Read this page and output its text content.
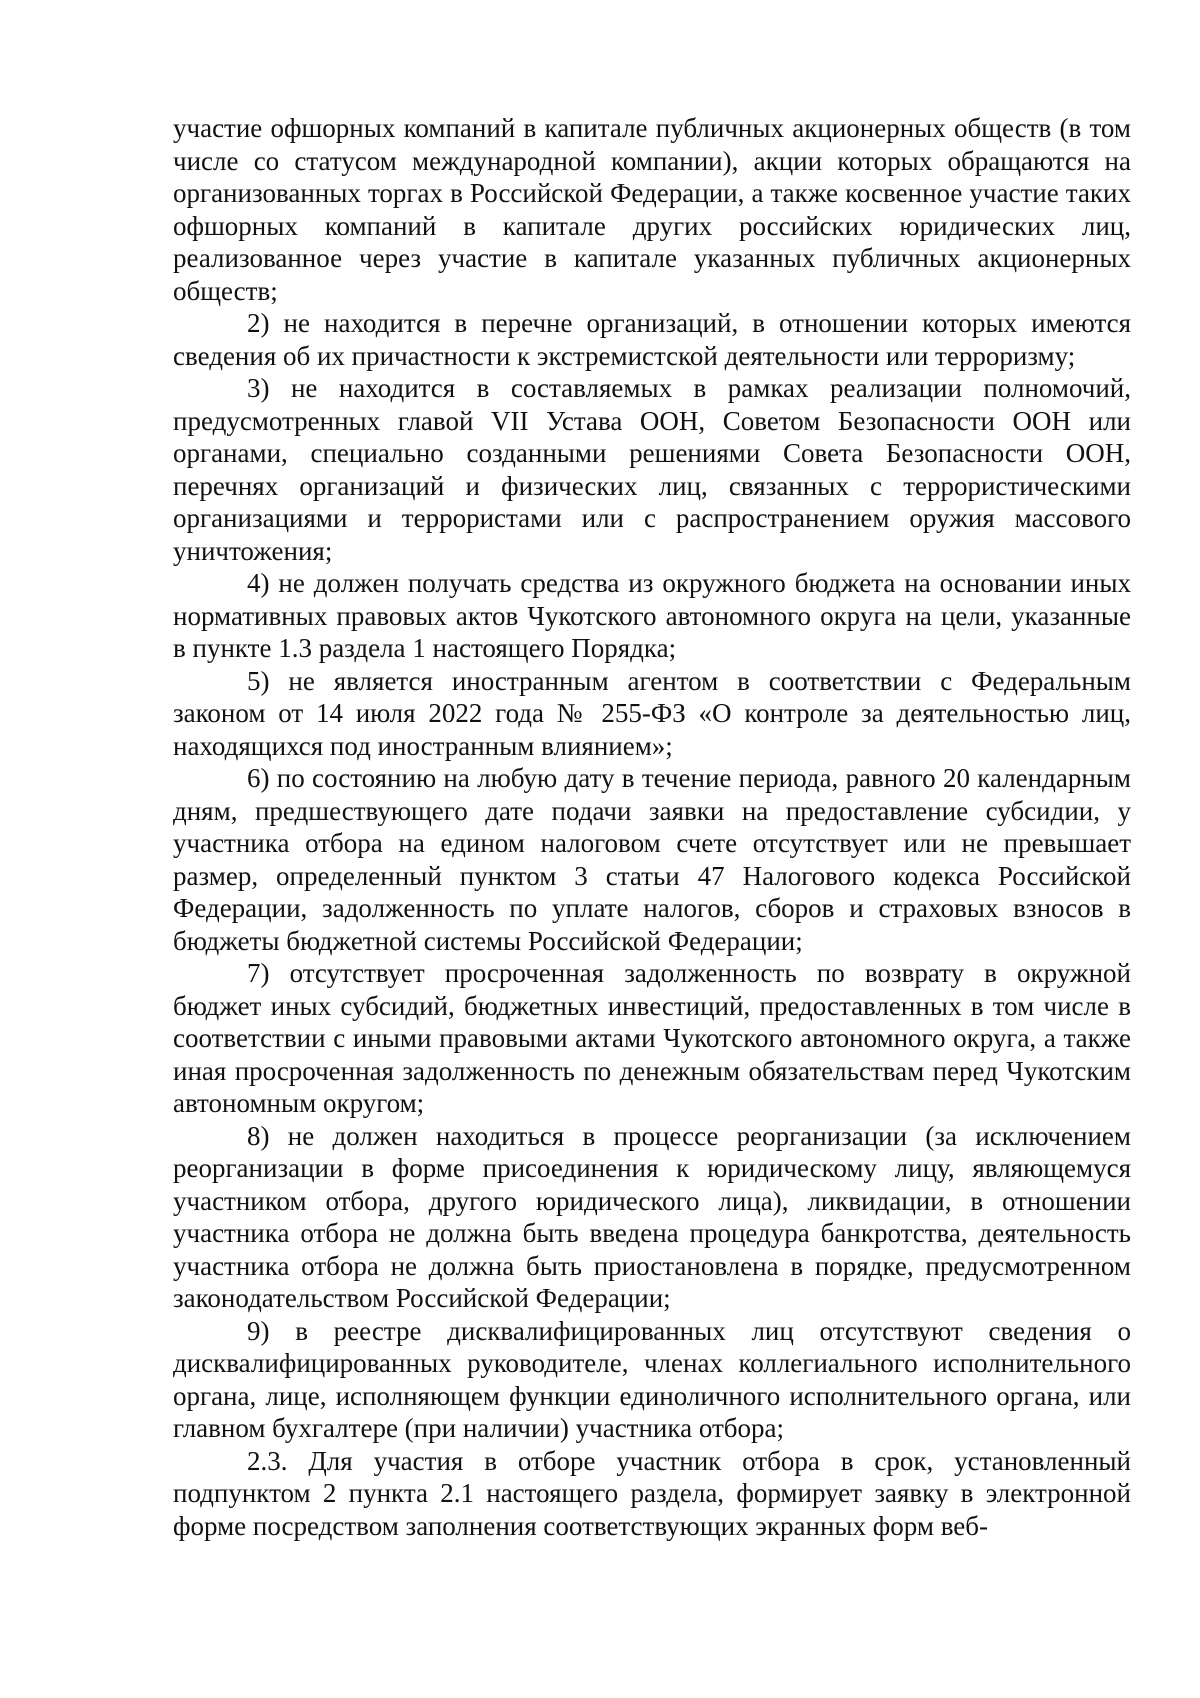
участие офшорных компаний в капитале публичных акционерных обществ (в том числе со статусом международной компании), акции которых обращаются на организованных торгах в Российской Федерации, а также косвенное участие таких офшорных компаний в капитале других российских юридических лиц, реализованное через участие в капитале указанных публичных акционерных обществ;

2) не находится в перечне организаций, в отношении которых имеются сведения об их причастности к экстремистской деятельности или терроризму;

3) не находится в составляемых в рамках реализации полномочий, предусмотренных главой VII Устава ООН, Советом Безопасности ООН или органами, специально созданными решениями Совета Безопасности ООН, перечнях организаций и физических лиц, связанных с террористическими организациями и террористами или с распространением оружия массового уничтожения;

4) не должен получать средства из окружного бюджета на основании иных нормативных правовых актов Чукотского автономного округа на цели, указанные в пункте 1.3 раздела 1 настоящего Порядка;

5) не является иностранным агентом в соответствии с Федеральным законом от 14 июля 2022 года № 255-ФЗ «О контроле за деятельностью лиц, находящихся под иностранным влиянием»;

6) по состоянию на любую дату в течение периода, равного 20 календарным дням, предшествующего дате подачи заявки на предоставление субсидии, у участника отбора на едином налоговом счете отсутствует или не превышает размер, определенный пунктом 3 статьи 47 Налогового кодекса Российской Федерации, задолженность по уплате налогов, сборов и страховых взносов в бюджеты бюджетной системы Российской Федерации;

7) отсутствует просроченная задолженность по возврату в окружной бюджет иных субсидий, бюджетных инвестиций, предоставленных в том числе в соответствии с иными правовыми актами Чукотского автономного округа, а также иная просроченная задолженность по денежным обязательствам перед Чукотским автономным округом;

8) не должен находиться в процессе реорганизации (за исключением реорганизации в форме присоединения к юридическому лицу, являющемуся участником отбора, другого юридического лица), ликвидации, в отношении участника отбора не должна быть введена процедура банкротства, деятельность участника отбора не должна быть приостановлена в порядке, предусмотренном законодательством Российской Федерации;

9) в реестре дисквалифицированных лиц отсутствуют сведения о дисквалифицированных руководителе, членах коллегиального исполнительного органа, лице, исполняющем функции единоличного исполнительного органа, или главном бухгалтере (при наличии) участника отбора;

2.3. Для участия в отборе участник отбора в срок, установленный подпунктом 2 пункта 2.1 настоящего раздела, формирует заявку в электронной форме посредством заполнения соответствующих экранных форм веб-
